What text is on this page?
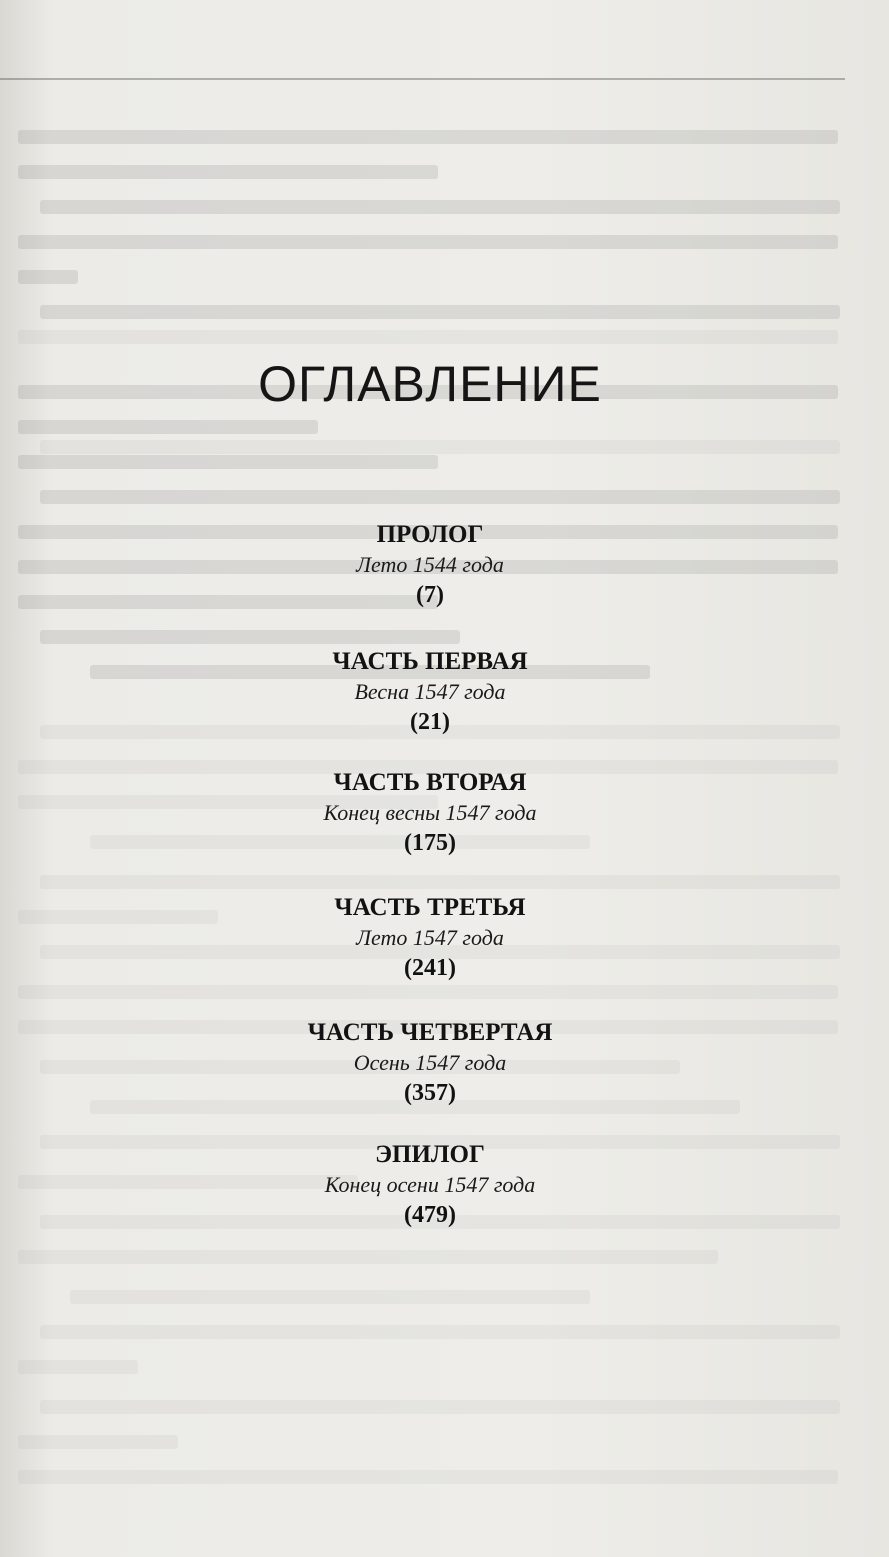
ОГЛАВЛЕНИЕ
ПРОЛОГ
Лето 1544 года
(7)
ЧАСТЬ ПЕРВАЯ
Весна 1547 года
(21)
ЧАСТЬ ВТОРАЯ
Конец весны 1547 года
(175)
ЧАСТЬ ТРЕТЬЯ
Лето 1547 года
(241)
ЧАСТЬ ЧЕТВЕРТАЯ
Осень 1547 года
(357)
ЭПИЛОГ
Конец осени 1547 года
(479)
